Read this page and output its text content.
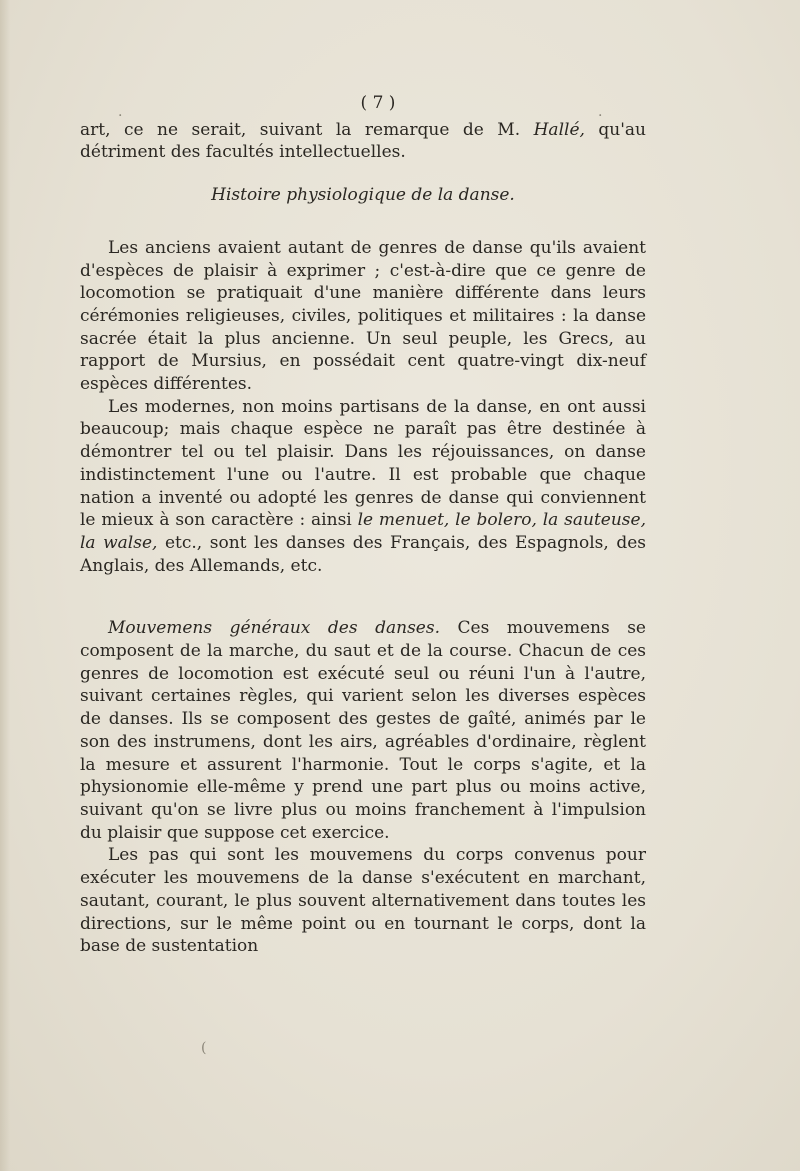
.	.
(
( 7 )

art, ce ne serait, suivant la remarque de M. Hallé, qu'au détriment des facultés intellectuelles.

Histoire physiologique de la danse.

Les anciens avaient autant de genres de danse qu'ils avaient d'espèces de plaisir à exprimer ; c'est-à-dire que ce genre de locomotion se pratiquait d'une manière différente dans leurs cérémonies religieuses, civiles, politiques et militaires : la danse sacrée était la plus ancienne. Un seul peuple, les Grecs, au rapport de Mursius, en possédait cent quatre-vingt dix-neuf espèces différentes.

Les modernes, non moins partisans de la danse, en ont aussi beaucoup; mais chaque espèce ne paraît pas être destinée à démontrer tel ou tel plaisir. Dans les réjouissances, on danse indistinctement l'une ou l'autre. Il est probable que chaque nation a inventé ou adopté les genres de danse qui conviennent le mieux à son caractère : ainsi le menuet, le bolero, la sauteuse, la walse, etc., sont les danses des Français, des Espagnols, des Anglais, des Allemands, etc.

Mouvemens généraux des danses. Ces mouvemens se composent de la marche, du saut et de la course. Chacun de ces genres de locomotion est exécuté seul ou réuni l'un à l'autre, suivant certaines règles, qui varient selon les diverses espèces de danses. Ils se composent des gestes de gaîté, animés par le son des instrumens, dont les airs, agréables d'ordinaire, règlent la mesure et assurent l'harmonie. Tout le corps s'agite, et la physionomie elle-même y prend une part plus ou moins active, suivant qu'on se livre plus ou moins franchement à l'impulsion du plaisir que suppose cet exercice.

Les pas qui sont les mouvemens du corps convenus pour exécuter les mouvemens de la danse s'exécutent en marchant, sautant, courant, le plus souvent alternativement dans toutes les directions, sur le même point ou en tournant le corps, dont la base de sustentation
